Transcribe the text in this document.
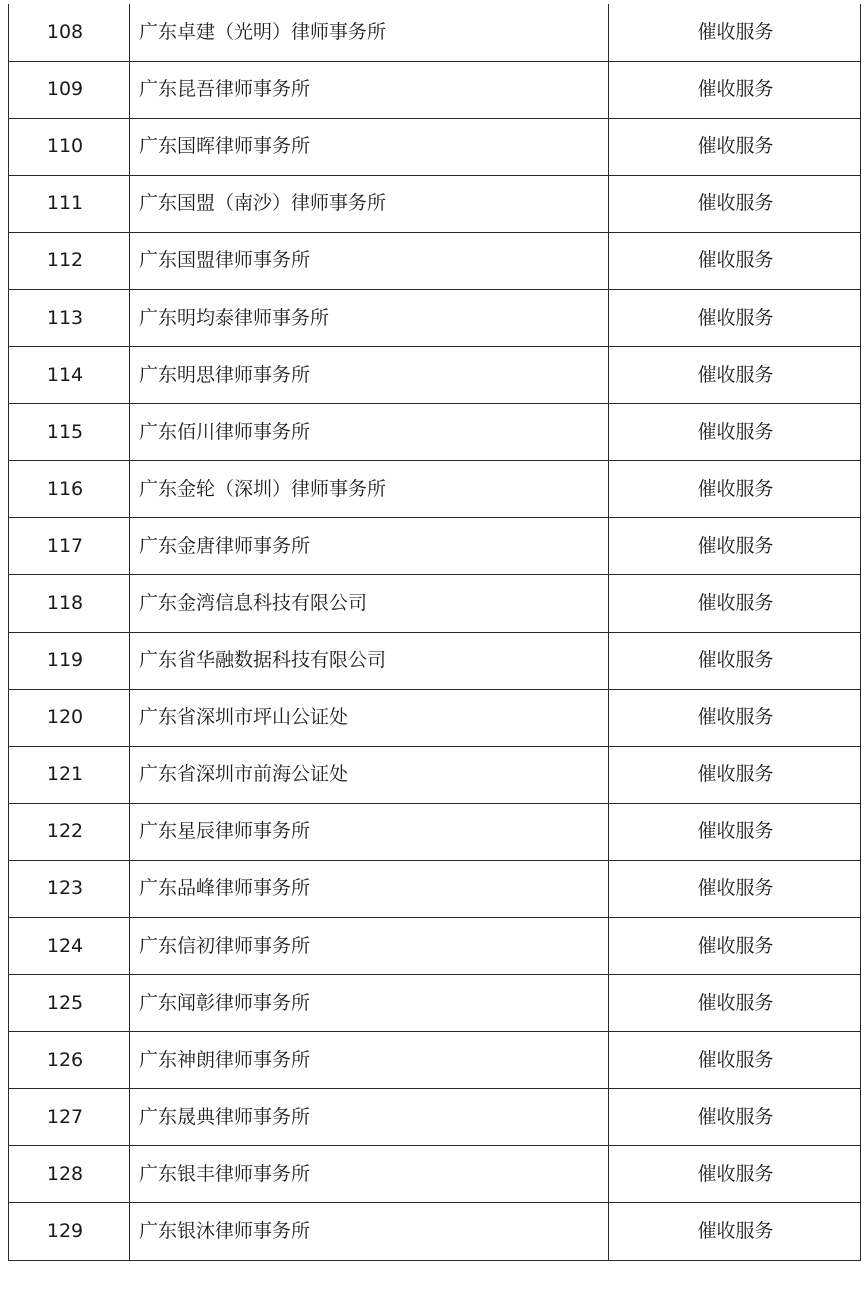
108	广东卓建（光明）律师事务所	催收服务
109	广东昆吾律师事务所	催收服务
110	广东国晖律师事务所	催收服务
111	广东国盟（南沙）律师事务所	催收服务
112	广东国盟律师事务所	催收服务
113	广东明均泰律师事务所	催收服务
114	广东明思律师事务所	催收服务
115	广东佰川律师事务所	催收服务
116	广东金轮（深圳）律师事务所	催收服务
117	广东金唐律师事务所	催收服务
118	广东金湾信息科技有限公司	催收服务
119	广东省华融数据科技有限公司	催收服务
120	广东省深圳市坪山公证处	催收服务
121	广东省深圳市前海公证处	催收服务
122	广东星辰律师事务所	催收服务
123	广东品峰律师事务所	催收服务
124	广东信初律师事务所	催收服务
125	广东闻彰律师事务所	催收服务
126	广东神朗律师事务所	催收服务
127	广东晟典律师事务所	催收服务
128	广东银丰律师事务所	催收服务
129	广东银沐律师事务所	催收服务
